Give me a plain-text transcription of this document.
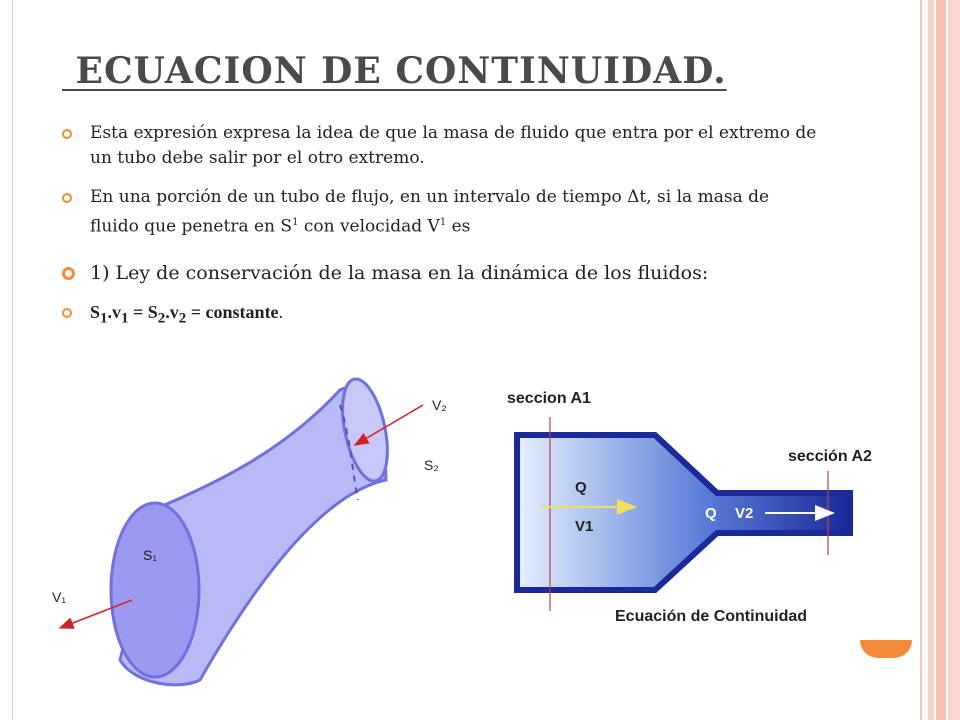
ECUACION DE CONTINUIDAD.
Esta expresión expresa la idea de que la masa de fluido que entra por el extremo de un tubo debe salir por el otro extremo.
En una porción de un tubo de flujo, en un intervalo de tiempo Δt, si la masa de fluido que penetra en $S^1$ con velocidad $V^1$ es
1) Ley de conservación de la masa en la dinámica de los fluidos:
$S_1.v_1 = S_2.v_2$ = constante.
S₁
V₂
S₂
V₁
seccion A1
sección A2
Q
V1
Q V2
Ecuación de Continuidad
